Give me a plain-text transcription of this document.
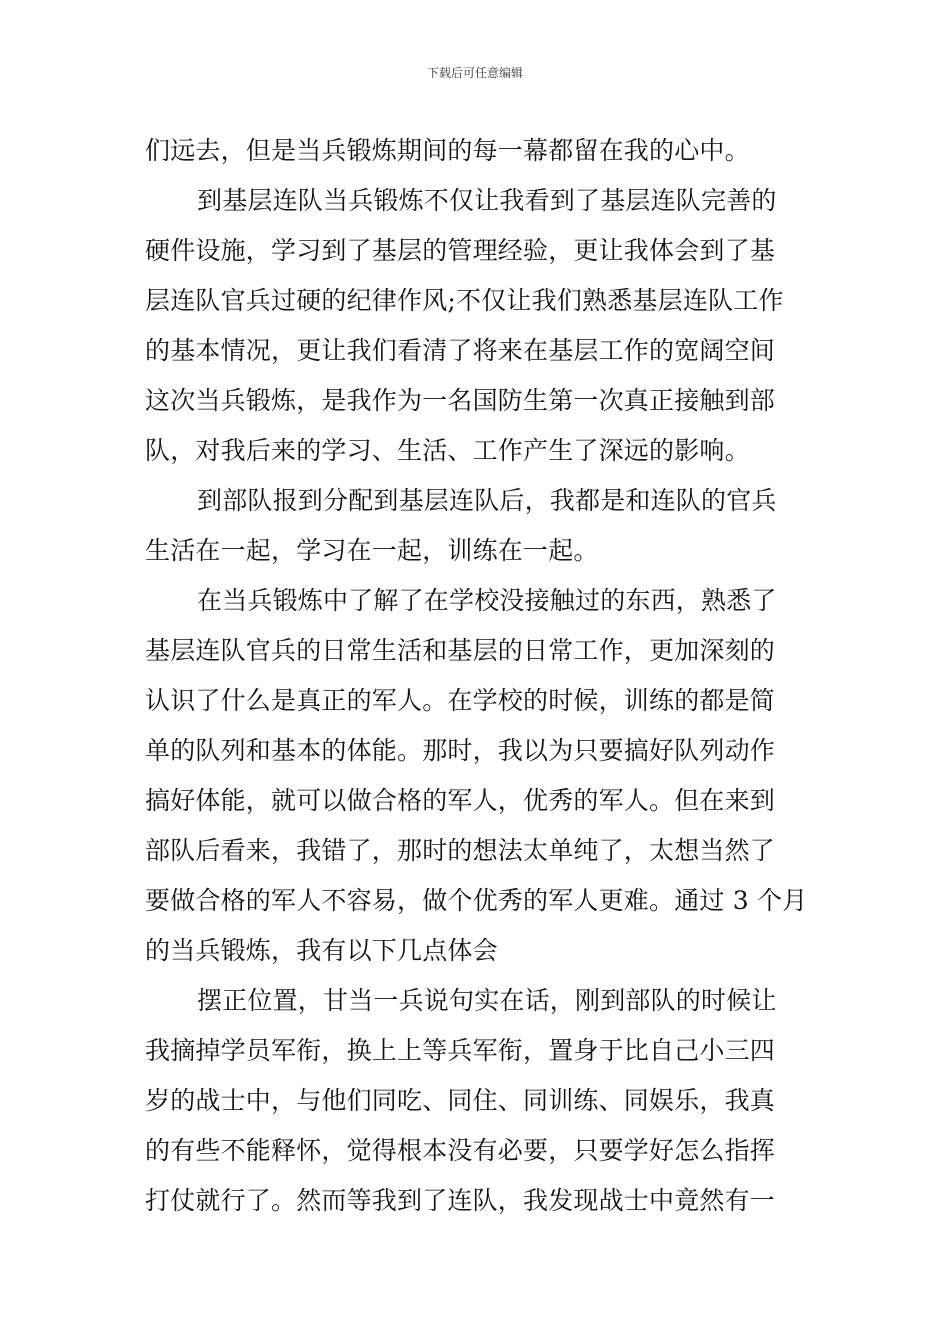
下载后可任意编辑
们远去，但是当兵锻炼期间的每一幕都留在我的心中。
到基层连队当兵锻炼不仅让我看到了基层连队完善的
硬件设施，学习到了基层的管理经验，更让我体会到了基
层连队官兵过硬的纪律作风;不仅让我们熟悉基层连队工作
的基本情况，更让我们看清了将来在基层工作的宽阔空间
这次当兵锻炼，是我作为一名国防生第一次真正接触到部
队，对我后来的学习、生活、工作产生了深远的影响。
到部队报到分配到基层连队后，我都是和连队的官兵
生活在一起，学习在一起，训练在一起。
在当兵锻炼中了解了在学校没接触过的东西，熟悉了
基层连队官兵的日常生活和基层的日常工作，更加深刻的
认识了什么是真正的军人。在学校的时候，训练的都是简
单的队列和基本的体能。那时，我以为只要搞好队列动作
搞好体能，就可以做合格的军人，优秀的军人。但在来到
部队后看来，我错了，那时的想法太单纯了，太想当然了
要做合格的军人不容易，做个优秀的军人更难。通过 3 个月
的当兵锻炼，我有以下几点体会
摆正位置，甘当一兵说句实在话，刚到部队的时候让
我摘掉学员军衔，换上上等兵军衔，置身于比自己小三四
岁的战士中，与他们同吃、同住、同训练、同娱乐，我真
的有些不能释怀，觉得根本没有必要，只要学好怎么指挥
打仗就行了。然而等我到了连队，我发现战士中竟然有一
